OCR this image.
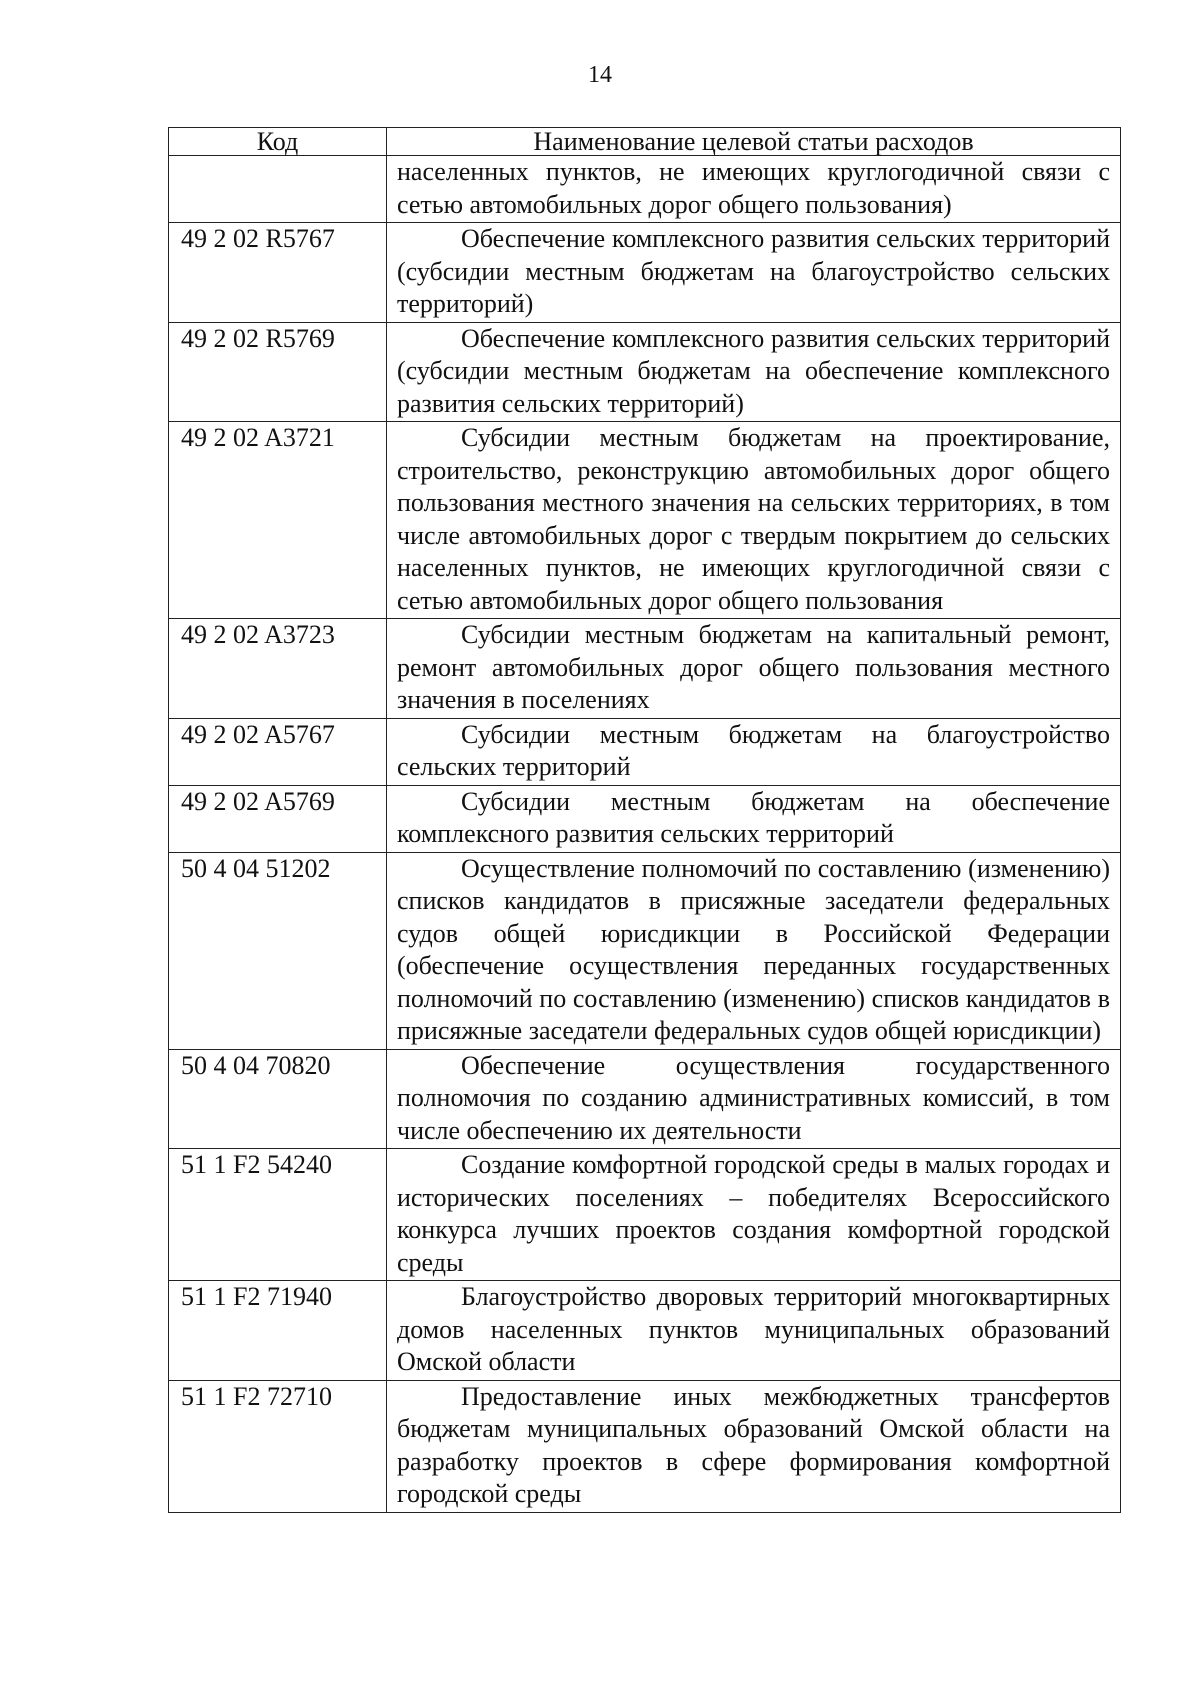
14
Код	Наименование целевой статьи расходов
	населенных пунктов, не имеющих круглогодичной связи с сетью автомобильных дорог общего пользования)
49 2 02 R5767	Обеспечение комплексного развития сельских территорий (субсидии местным бюджетам на благоустройство сельских территорий)
49 2 02 R5769	Обеспечение комплексного развития сельских территорий (субсидии местным бюджетам на обеспечение комплексного развития сельских территорий)
49 2 02 A3721	Субсидии местным бюджетам на проектирование, строительство, реконструкцию автомобильных дорог общего пользования местного значения на сельских территориях, в том числе автомобильных дорог с твердым покрытием до сельских населенных пунктов, не имеющих круглогодичной связи с сетью автомобильных дорог общего пользования
49 2 02 A3723	Субсидии местным бюджетам на капитальный ремонт, ремонт автомобильных дорог общего пользования местного значения в поселениях
49 2 02 A5767	Субсидии местным бюджетам на благоустройство сельских территорий
49 2 02 A5769	Субсидии местным бюджетам на обеспечение комплексного развития сельских территорий
50 4 04 51202	Осуществление полномочий по составлению (изменению) списков кандидатов в присяжные заседатели федеральных судов общей юрисдикции в Российской Федерации (обеспечение осуществления переданных государственных полномочий по составлению (изменению) списков кандидатов в присяжные заседатели федеральных судов общей юрисдикции)
50 4 04 70820	Обеспечение осуществления государственного полномочия по созданию административных комиссий, в том числе обеспечению их деятельности
51 1 F2 54240	Создание комфортной городской среды в малых городах и исторических поселениях – победителях Всероссийского конкурса лучших проектов создания комфортной городской среды
51 1 F2 71940	Благоустройство дворовых территорий многоквартирных домов населенных пунктов муниципальных образований Омской области
51 1 F2 72710	Предоставление иных межбюджетных трансфертов бюджетам муниципальных образований Омской области на разработку проектов в сфере формирования комфортной городской среды
